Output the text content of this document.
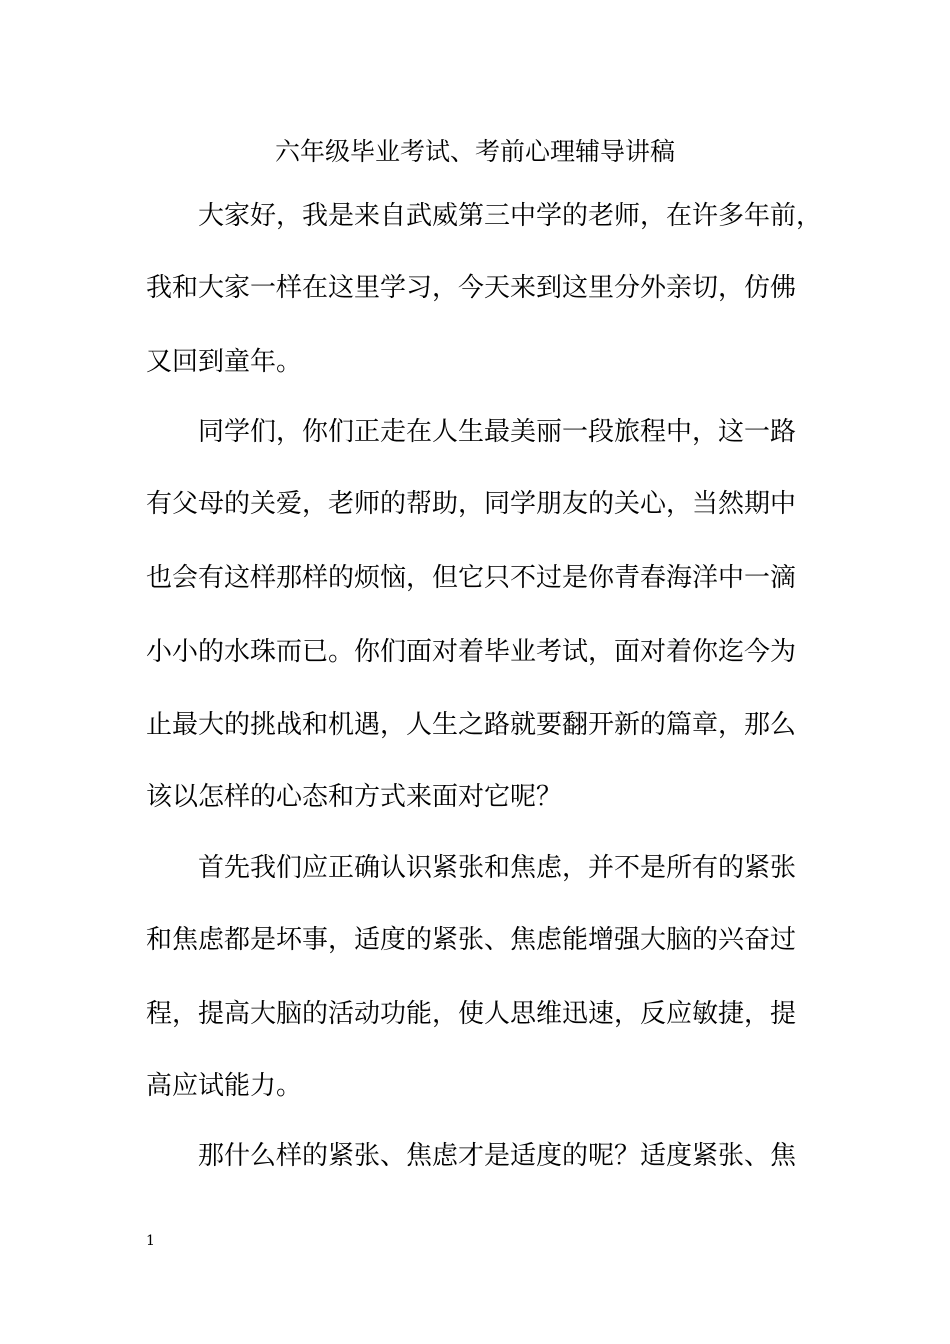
六年级毕业考试、考前心理辅导讲稿
大家好，我是来自武威第三中学的老师，在许多年前，
我和大家一样在这里学习，今天来到这里分外亲切，仿佛
又回到童年。
同学们，你们正走在人生最美丽一段旅程中，这一路
有父母的关爱，老师的帮助，同学朋友的关心，当然期中
也会有这样那样的烦恼，但它只不过是你青春海洋中一滴
小小的水珠而已。你们面对着毕业考试，面对着你迄今为
止最大的挑战和机遇，人生之路就要翻开新的篇章，那么
该以怎样的心态和方式来面对它呢？
首先我们应正确认识紧张和焦虑，并不是所有的紧张
和焦虑都是坏事，适度的紧张、焦虑能增强大脑的兴奋过
程，提高大脑的活动功能，使人思维迅速，反应敏捷，提
高应试能力。
那什么样的紧张、焦虑才是适度的呢？适度紧张、焦
1
